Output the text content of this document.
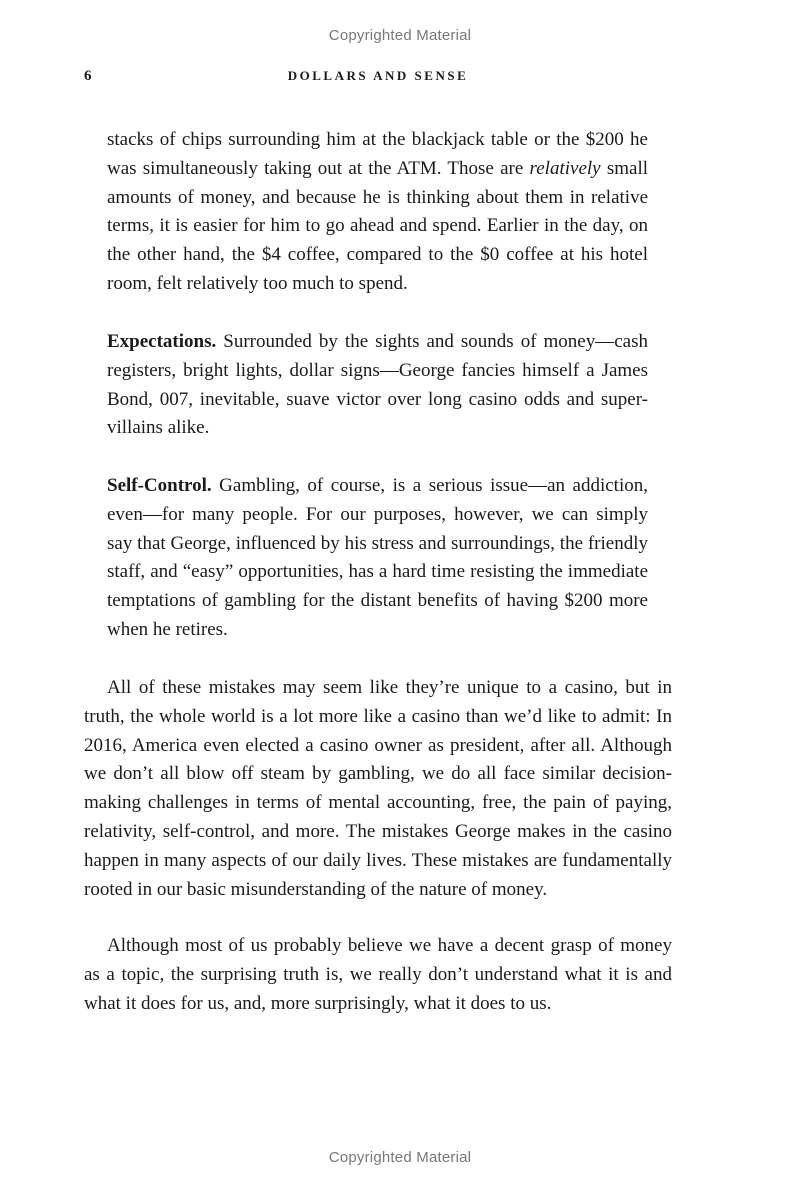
Copyrighted Material
6	DOLLARS AND SENSE

stacks of chips surrounding him at the blackjack table or the $200 he was simultaneously taking out at the ATM. Those are relatively small amounts of money, and because he is thinking about them in relative terms, it is easier for him to go ahead and spend. Earlier in the day, on the other hand, the $4 coffee, compared to the $0 coffee at his hotel room, felt relatively too much to spend.

Expectations. Surrounded by the sights and sounds of money—cash registers, bright lights, dollar signs—George fancies himself a James Bond, 007, inevitable, suave victor over long casino odds and super-villains alike.

Self-Control. Gambling, of course, is a serious issue—an addiction, even—for many people. For our purposes, however, we can simply say that George, influenced by his stress and surroundings, the friendly staff, and “easy” opportunities, has a hard time resisting the immediate temptations of gambling for the distant benefits of having $200 more when he retires.

All of these mistakes may seem like they’re unique to a casino, but in truth, the whole world is a lot more like a casino than we’d like to admit: In 2016, America even elected a casino owner as president, after all. Although we don’t all blow off steam by gambling, we do all face similar decision-making challenges in terms of mental accounting, free, the pain of paying, relativity, self-control, and more. The mistakes George makes in the casino happen in many aspects of our daily lives. These mistakes are fundamentally rooted in our basic misunderstanding of the nature of money.

Although most of us probably believe we have a decent grasp of money as a topic, the surprising truth is, we really don’t understand what it is and what it does for us, and, more surprisingly, what it does to us.

Copyrighted Material
